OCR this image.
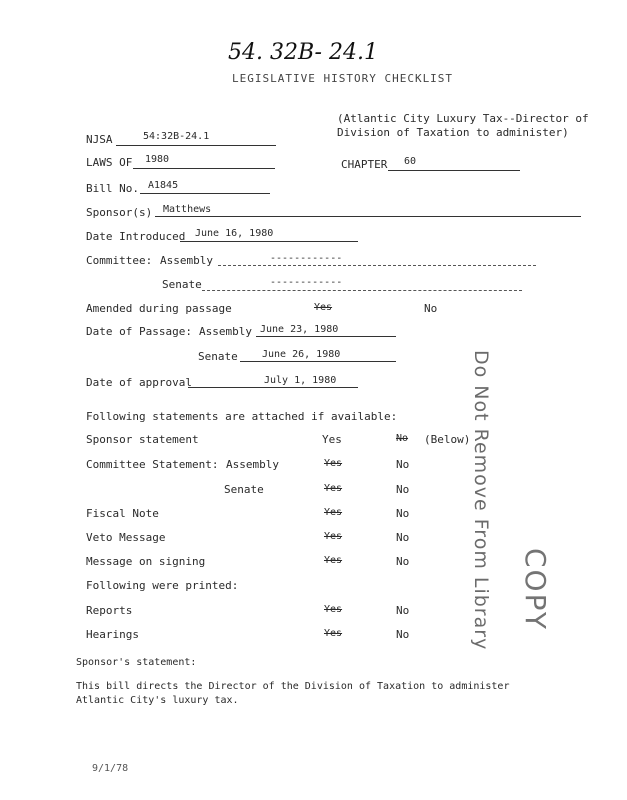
54. 32B- 24.1
LEGISLATIVE HISTORY CHECKLIST
(Atlantic City Luxury Tax--Director of
Division of Taxation to administer)
NJSA	54:32B-24.1
LAWS OF 1980	CHAPTER 60
Bill No. A1845
Sponsor(s) Matthews
Date Introduced June 16, 1980
Committee: Assembly	------------
Senate	------------
Amended during passage	Yes	No
Date of Passage: Assembly June 23, 1980
Senate June 26, 1980
Date of approval	July 1, 1980
Following statements are attached if available:
Sponsor statement	Yes	No (Below)
Committee Statement: Assembly	Yes	No
Senate	Yes	No
Fiscal Note	Yes	No
Veto Message	Yes	No
Message on signing	Yes	No
Following were printed:
Reports	Yes	No
Hearings	Yes	No
Sponsor's statement:
This bill directs the Director of the Division of Taxation to administer
Atlantic City's luxury tax.
Do Not Remove From Library COPY
9/1/78
